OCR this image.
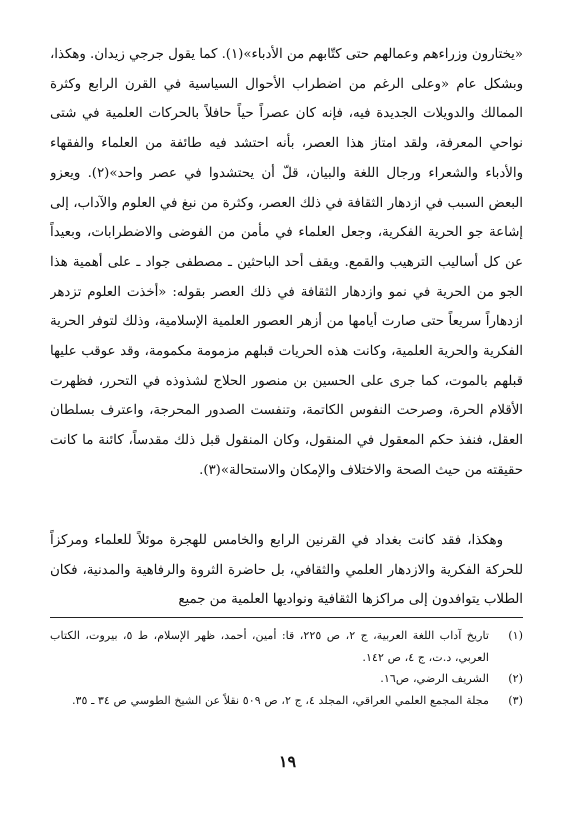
«يختارون وزراءهم وعمالهم حتى كتّابهم من الأدباء»(١). كما يقول جرجي زيدان. وهكذا، وبشكل عام «وعلى الرغم من اضطراب الأحوال السياسية في القرن الرابع وكثرة الممالك والدويلات الجديدة فيه، فإنه كان عصراً حياً حافلاً بالحركات العلمية في شتى نواحي المعرفة، ولقد امتاز هذا العصر، بأنه احتشد فيه طائفة من العلماء والفقهاء والأدباء والشعراء ورجال اللغة والبيان، قلّ أن يحتشدوا في عصر واحد»(٢). ويعزو البعض السبب في ازدهار الثقافة في ذلك العصر، وكثرة من نبغ في العلوم والآداب، إلى إشاعة جو الحرية الفكرية، وجعل العلماء في مأمن من الفوضى والاضطرابات، وبعيداً عن كل أساليب الترهيب والقمع. ويقف أحد الباحثين ـ مصطفى جواد ـ على أهمية هذا الجو من الحرية في نمو وازدهار الثقافة في ذلك العصر بقوله: «أخذت العلوم تزدهر ازدهاراً سريعاً حتى صارت أيامها من أزهر العصور العلمية الإسلامية، وذلك لتوفر الحرية الفكرية والحرية العلمية، وكانت هذه الحريات قبلهم مزمومة مكمومة، وقد عوقب عليها قبلهم بالموت، كما جرى على الحسين بن منصور الحلاج لشذوذه في التحرر، فظهرت الأقلام الحرة، وصرحت النفوس الكاتمة، وتنفست الصدور المحرجة، واعترف بسلطان العقل، فنفذ حكم المعقول في المنقول، وكان المنقول قبل ذلك مقدساً، كائنة ما كانت حقيقته من حيث الصحة والاختلاف والإمكان والاستحالة»(٣).

وهكذا، فقد كانت بغداد في القرنين الرابع والخامس للهجرة موئلاً للعلماء ومركزاً للحركة الفكرية والازدهار العلمي والثقافي، بل حاضرة الثروة والرفاهية والمدنية، فكان الطلاب يتوافدون إلى مراكزها الثقافية ونواديها العلمية من جميع

(١)
تاريخ آداب اللغة العربية، ج ٢، ص ٢٢٥، قا: أمين، أحمد، ظهر الإسلام، ط ٥، بيروت، الكتاب العربي، د.ت، ج ٤، ص ١٤٢.
(٢)
الشريف الرضي، ص١٦.
(٣)
مجلة المجمع العلمي العراقي، المجلد ٤، ج ٢، ص ٥٠٩ نقلاً عن الشيخ الطوسي ص ٣٤ ـ ٣٥.
١٩
